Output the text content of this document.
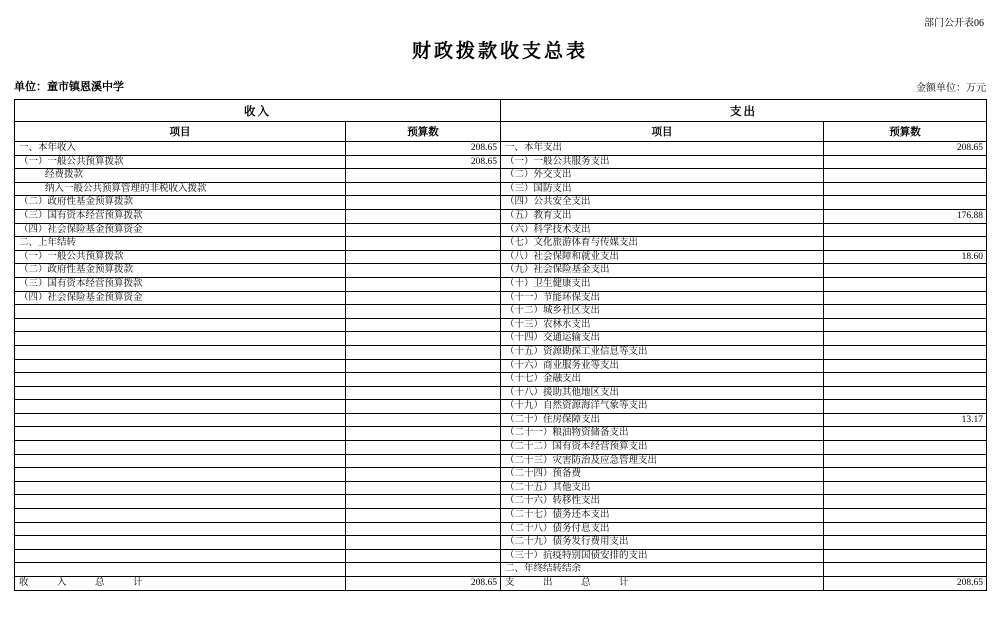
部门公开表06
财政拨款收支总表
单位：童市镇恩溪中学	金额单位：万元
收入		支出	
项目	预算数	项目	预算数
一、本年收入	208.65	一、本年支出	208.65
（一）一般公共预算拨款	208.65	（一）一般公共服务支出	
经费拨款		（二）外交支出	
纳入一般公共预算管理的非税收入拨款		（三）国防支出	
（二）政府性基金预算拨款		（四）公共安全支出	
（三）国有资本经营预算拨款		（五）教育支出	176.88
（四）社会保险基金预算资金		（六）科学技术支出	
二、上年结转		（七）文化旅游体育与传媒支出	
（一）一般公共预算拨款		（八）社会保障和就业支出	18.60
（二）政府性基金预算拨款		（九）社会保险基金支出	
（三）国有资本经营预算拨款		（十）卫生健康支出	
（四）社会保险基金预算资金		（十一）节能环保支出	
		（十二）城乡社区支出	
		（十三）农林水支出	
		（十四）交通运输支出	
		（十五）资源勘探工业信息等支出	
		（十六）商业服务业等支出	
		（十七）金融支出	
		（十八）援助其他地区支出	
		（十九）自然资源海洋气象等支出	
		（二十）住房保障支出	13.17
		（二十一）粮油物资储备支出	
		（二十二）国有资本经营预算支出	
		（二十三）灾害防治及应急管理支出	
		（二十四）预备费	
		（二十五）其他支出	
		（二十六）转移性支出	
		（二十七）债务还本支出	
		（二十八）债务付息支出	
		（二十九）债务发行费用支出	
		（三十）抗疫特别国债安排的支出	
		二、年终结转结余	
收入总计	208.65	支出总计	208.65
